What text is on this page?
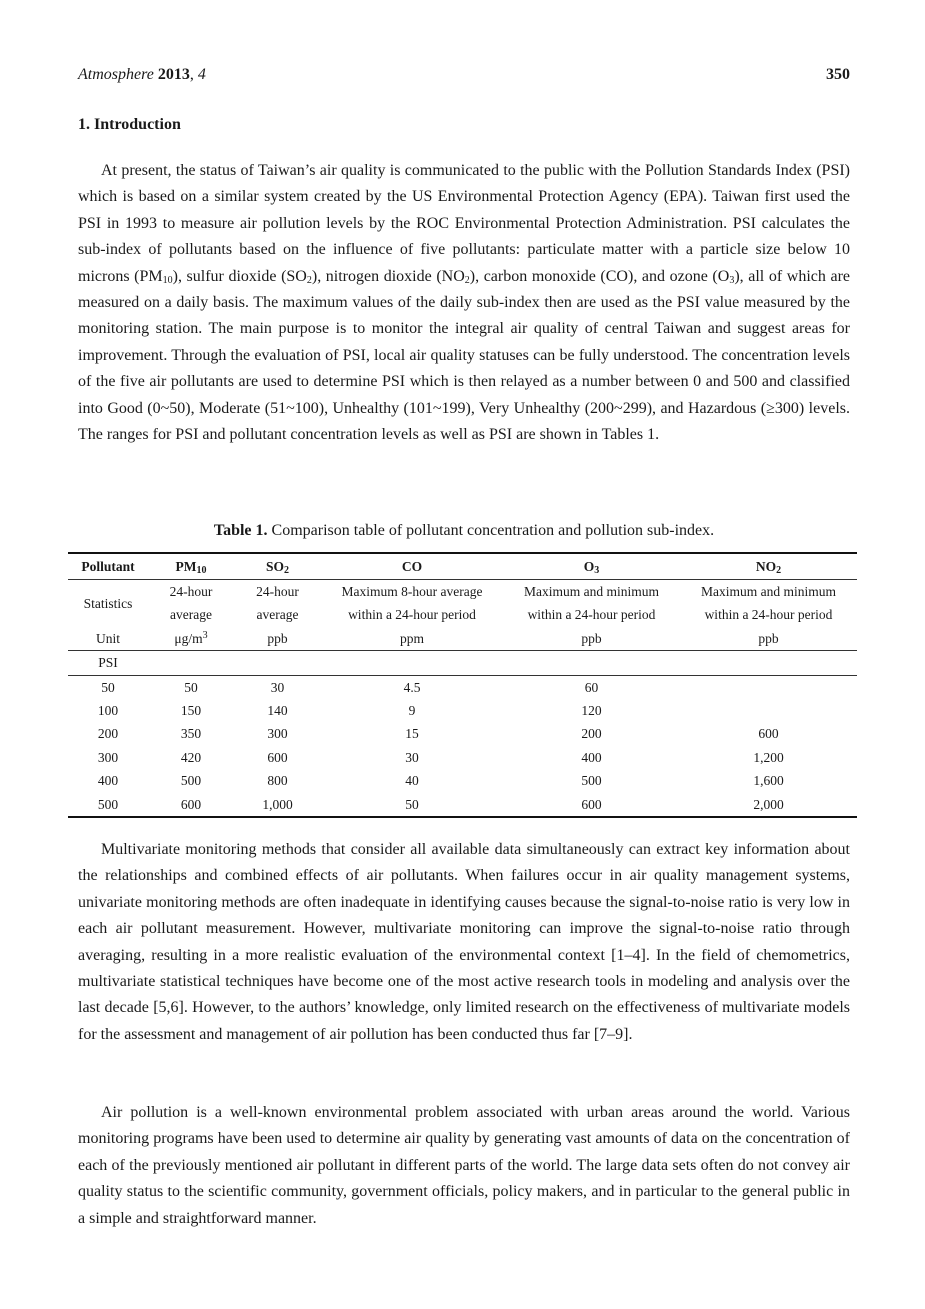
Atmosphere 2013, 4	350
1. Introduction

At present, the status of Taiwan’s air quality is communicated to the public with the Pollution Standards Index (PSI) which is based on a similar system created by the US Environmental Protection Agency (EPA). Taiwan first used the PSI in 1993 to measure air pollution levels by the ROC Environmental Protection Administration. PSI calculates the sub-index of pollutants based on the influence of five pollutants: particulate matter with a particle size below 10 microns $(PM_{10})$, sulfur dioxide $(SO_2)$, nitrogen dioxide $(NO_2)$, carbon monoxide (CO), and ozone $(O_3)$, all of which are measured on a daily basis. The maximum values of the daily sub-index then are used as the PSI value measured by the monitoring station. The main purpose is to monitor the integral air quality of central Taiwan and suggest areas for improvement. Through the evaluation of PSI, local air quality statuses can be fully understood. The concentration levels of the five air pollutants are used to determine PSI which is then relayed as a number between 0 and 500 and classified into Good (0~50), Moderate (51~100), Unhealthy (101~199), Very Unhealthy (200~299), and Hazardous (≥300) levels. The ranges for PSI and pollutant concentration levels as well as PSI are shown in Tables 1.

Table 1. Comparison table of pollutant concentration and pollution sub-index.
Pollutant	$PM_{10}$	$SO_2$	CO	$O_3$	$NO_2$
Statistics	24-hour	24-hour	Maximum 8-hour average	Maximum and minimum	Maximum and minimum
	average	average	within a 24-hour period	within a 24-hour period	within a 24-hour period
Unit	$\mu g/m^3$	ppb	ppm	ppb	ppb
PSI					
50	50	30	4.5	60	
100	150	140	9	120	
200	350	300	15	200	600
300	420	600	30	400	1,200
400	500	800	40	500	1,600
500	600	1,000	50	600	2,000

Multivariate monitoring methods that consider all available data simultaneously can extract key information about the relationships and combined effects of air pollutants. When failures occur in air quality management systems, univariate monitoring methods are often inadequate in identifying causes because the signal-to-noise ratio is very low in each air pollutant measurement. However, multivariate monitoring can improve the signal-to-noise ratio through averaging, resulting in a more realistic evaluation of the environmental context [1–4]. In the field of chemometrics, multivariate statistical techniques have become one of the most active research tools in modeling and analysis over the last decade [5,6]. However, to the authors’ knowledge, only limited research on the effectiveness of multivariate models for the assessment and management of air pollution has been conducted thus far [7–9].

Air pollution is a well-known environmental problem associated with urban areas around the world. Various monitoring programs have been used to determine air quality by generating vast amounts of data on the concentration of each of the previously mentioned air pollutant in different parts of the world. The large data sets often do not convey air quality status to the scientific community, government officials, policy makers, and in particular to the general public in a simple and straightforward manner.
